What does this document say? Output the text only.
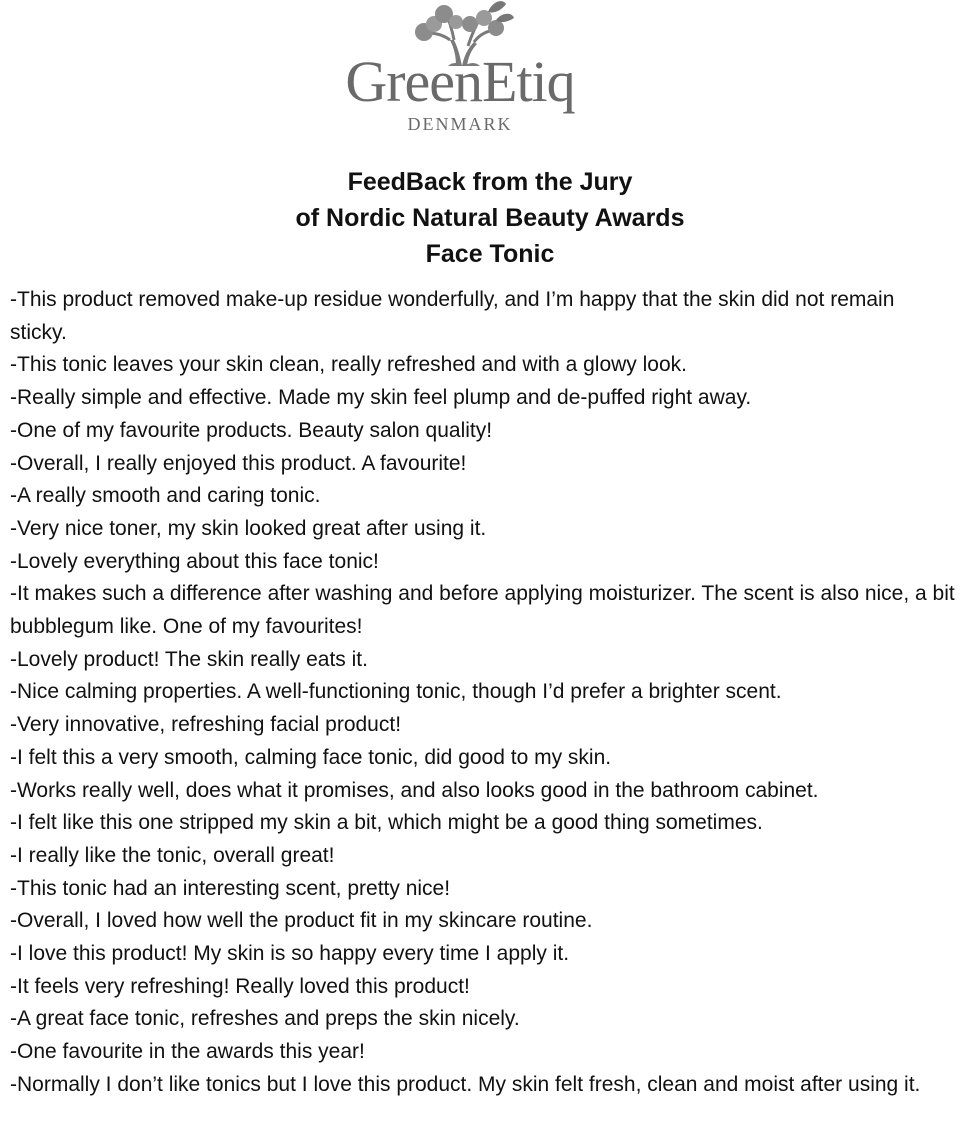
GreenEtiq
DENMARK
FeedBack from the Jury
of Nordic Natural Beauty Awards
Face Tonic
-This product removed make-up residue wonderfully, and I’m happy that the skin did not remain sticky.
-This tonic leaves your skin clean, really refreshed and with a glowy look.
-Really simple and effective. Made my skin feel plump and de-puffed right away.
-One of my favourite products. Beauty salon quality!
-Overall, I really enjoyed this product. A favourite!
-A really smooth and caring tonic.
-Very nice toner, my skin looked great after using it.
-Lovely everything about this face tonic!
-It makes such a difference after washing and before applying moisturizer. The scent is also nice, a bit bubblegum like. One of my favourites!
-Lovely product! The skin really eats it.
-Nice calming properties. A well-functioning tonic, though I’d prefer a brighter scent.
-Very innovative, refreshing facial product!
-I felt this a very smooth, calming face tonic, did good to my skin.
-Works really well, does what it promises, and also looks good in the bathroom cabinet.
-I felt like this one stripped my skin a bit, which might be a good thing sometimes.
-I really like the tonic, overall great!
-This tonic had an interesting scent, pretty nice!
-Overall, I loved how well the product fit in my skincare routine.
-I love this product! My skin is so happy every time I apply it.
-It feels very refreshing! Really loved this product!
-A great face tonic, refreshes and preps the skin nicely.
-One favourite in the awards this year!
-Normally I don’t like tonics but I love this product. My skin felt fresh, clean and moist after using it.
